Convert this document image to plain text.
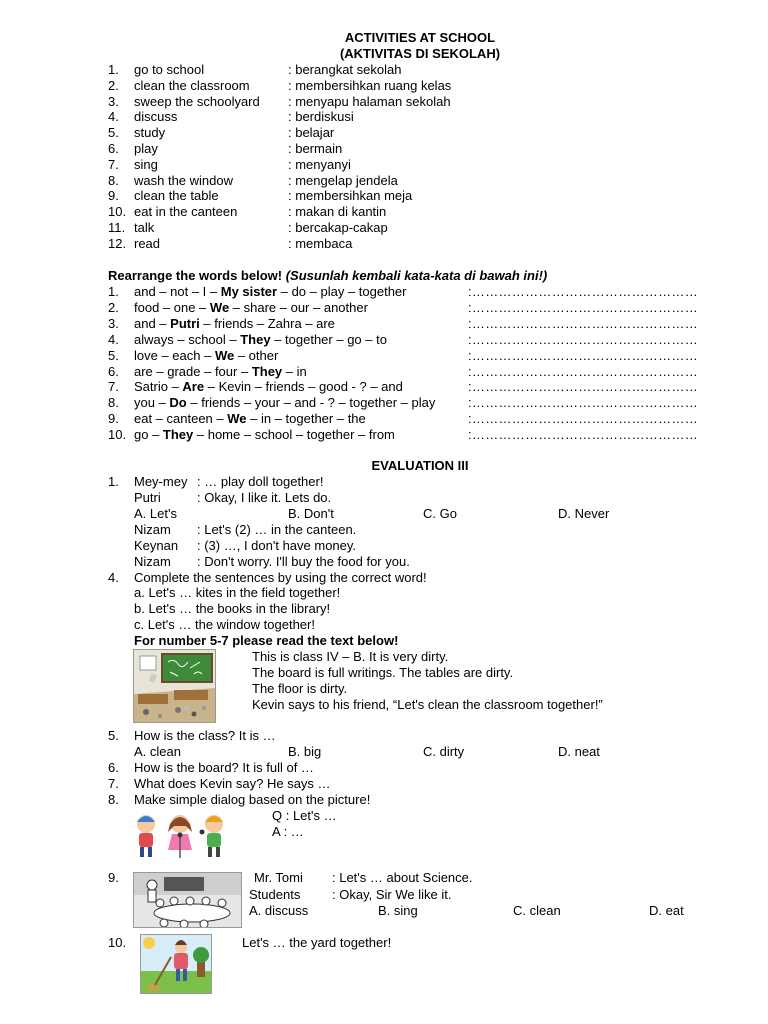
ACTIVITIES AT SCHOOL
(AKTIVITAS DI SEKOLAH)
1. go to school	: berangkat sekolah
2. clean the classroom	: membersihkan ruang kelas
3. sweep the schoolyard : menyapu halaman sekolah
4. discuss	: berdiskusi
5. study	: belajar
6. play	: bermain
7. sing	: menyanyi
8. wash the window	: mengelap jendela
9. clean the table	: membersihkan meja
10. eat in the canteen	: makan di kantin
11. talk	: bercakap-cakap
12. read	: membaca
Rearrange the words below! (Susunlah kembali kata-kata di bawah ini!)
1. and – not – I – My sister – do – play – together	:……………………………………………
2. food – one – We – share – our – another	:……………………………………………
3. and – Putri – friends – Zahra – are	:……………………………………………
4. always – school – They – together – go – to	:……………………………………………
5. love – each – We – other	:……………………………………………
6. are – grade – four – They – in	:……………………………………………
7. Satrio – Are – Kevin – friends – good - ? – and	:……………………………………………
8. you – Do – friends – your – and - ? – together – play	:……………………………………………
9. eat – canteen – We – in – together – the	:……………………………………………
10. go – They – home – school – together – from	:……………………………………………
EVALUATION III
1. Mey-mey : … play doll together!
Putri	: Okay, I like it. Lets do.
A. Let's	B. Don't	C. Go	D. Never
Nizam : Let's (2) … in the canteen.
Keynan : (3) …, I don't have money.
Nizam : Don't worry. I'll buy the food for you.
4. Complete the sentences by using the correct word!
a. Let's … kites in the field together!
b. Let's … the books in the library!
c. Let's … the window together!
For number 5-7 please read the text below!
This is class IV – B. It is very dirty.
The board is full writings. The tables are dirty.
The floor is dirty.
Kevin says to his friend, “Let's clean the classroom together!”
5. How is the class? It is …
A. clean	B. big	C. dirty	D. neat
6. How is the board? It is full of …
7. What does Kevin say? He says …
8. Make simple dialog based on the picture!
Q : Let's …
A : …
9.	Mr. Tomi : Let's … about Science.
Students : Okay, Sir We like it.
A. discuss	B. sing	C. clean	D. eat
10.	Let's … the yard together!
